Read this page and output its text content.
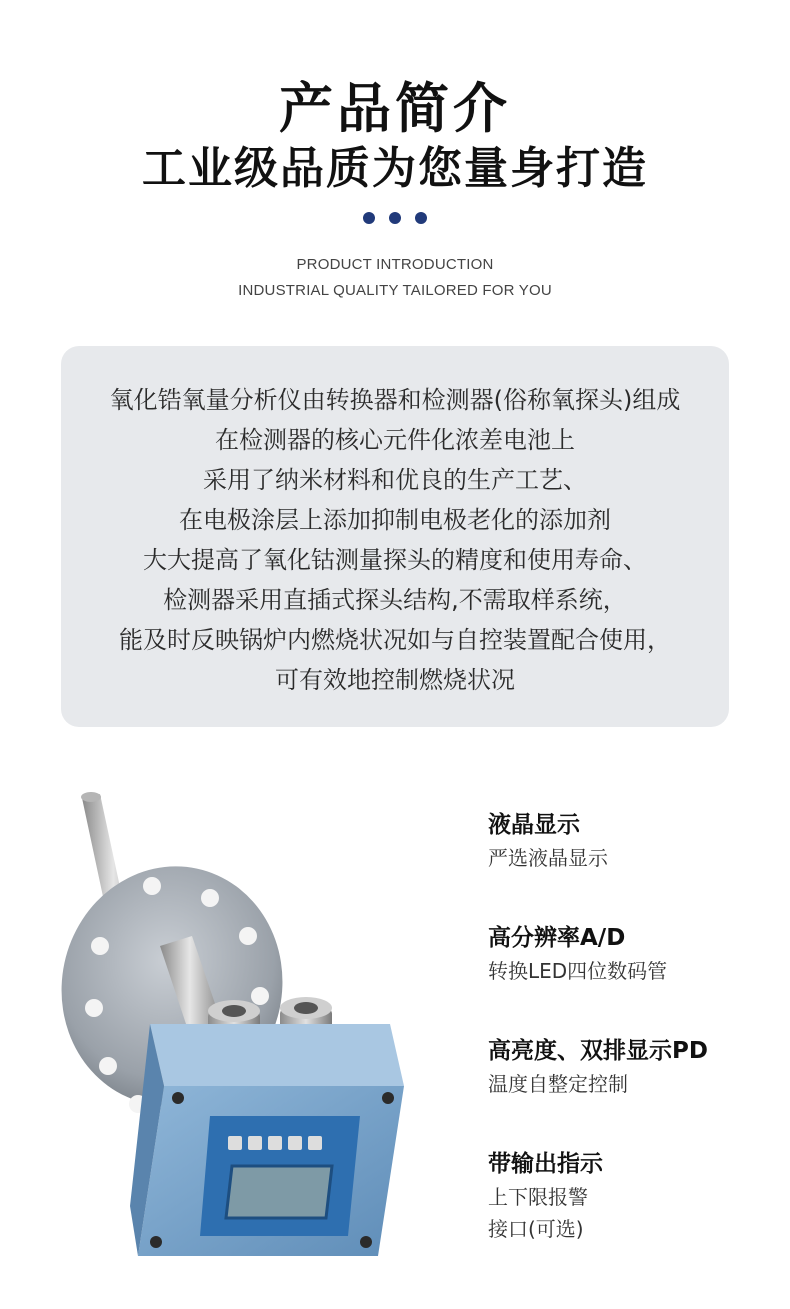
产品简介
工业级品质为您量身打造
PRODUCT INTRODUCTION
INDUSTRIAL QUALITY TAILORED FOR YOU
氧化锆氧量分析仪由转换器和检测器(俗称氧探头)组成
在检测器的核心元件化浓差电池上
采用了纳米材料和优良的生产工艺、
在电极涂层上添加抑制电极老化的添加剂
大大提高了氧化钴测量探头的精度和使用寿命、
检测器采用直插式探头结构,不需取样系统，
能及时反映锅炉内燃烧状况如与自控装置配合使用，
可有效地控制燃烧状况
液晶显示
严选液晶显示
高分辨率A/D
转换LED四位数码管
高亮度、双排显示PD
温度自整定控制
带输出指示
上下限报警
接口(可选)
